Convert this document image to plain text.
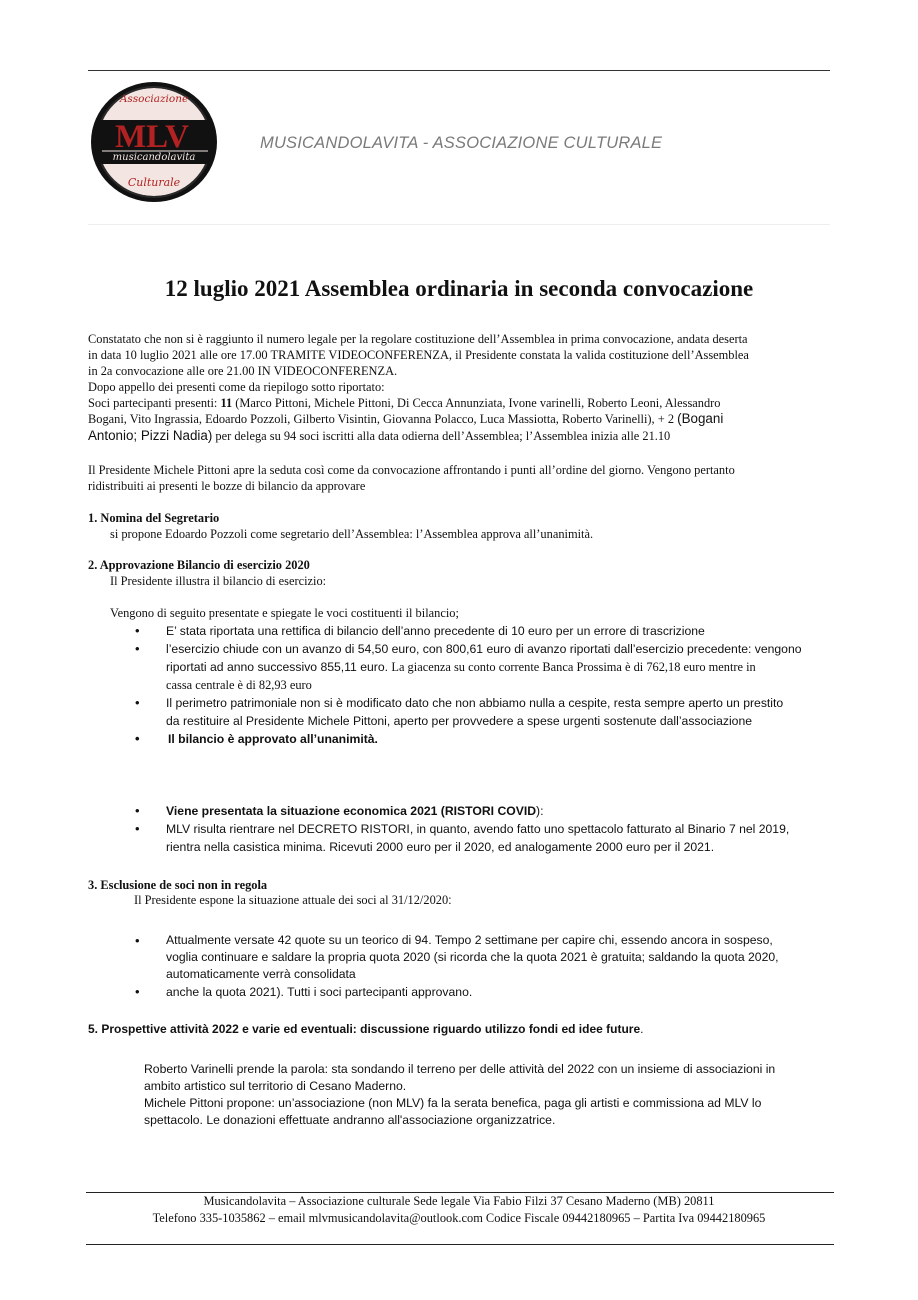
Associazione
MLV
musicandolavita
Culturale
MUSICANDOLAVITA - ASSOCIAZIONE CULTURALE
12 luglio 2021 Assemblea ordinaria in seconda convocazione
Constatato che non si è raggiunto il numero legale per la regolare costituzione dell’Assemblea in prima convocazione, andata deserta
in data 10 luglio 2021 alle ore 17.00 TRAMITE VIDEOCONFERENZA, il Presidente constata la valida costituzione dell’Assemblea
in 2a convocazione alle ore 21.00 IN VIDEOCONFERENZA.
Dopo appello dei presenti come da riepilogo sotto riportato:
Soci partecipanti presenti: 11 (Marco Pittoni, Michele Pittoni, Di Cecca Annunziata, Ivone varinelli, Roberto Leoni, Alessandro
Bogani, Vito Ingrassia, Edoardo Pozzoli, Gilberto Visintin, Giovanna Polacco, Luca Massiotta, Roberto Varinelli), + 2 (Bogani
Antonio; Pizzi Nadia) per delega su 94 soci iscritti alla data odierna dell’Assemblea; l’Assemblea inizia alle 21.10
Il Presidente Michele Pittoni apre la seduta così come da convocazione affrontando i punti all’ordine del giorno. Vengono pertanto
ridistribuiti ai presenti le bozze di bilancio da approvare
1. Nomina del Segretario
si propone Edoardo Pozzoli come segretario dell’Assemblea: l’Assemblea approva all’unanimità.
2. Approvazione Bilancio di esercizio 2020
Il Presidente illustra il bilancio di esercizio:
Vengono di seguito presentate e spiegate le voci costituenti il bilancio;
• E’ stata riportata una rettifica di bilancio dell’anno precedente di 10 euro per un errore di trascrizione
• l’esercizio chiude con un avanzo di 54,50 euro, con 800,61 euro di avanzo riportati dall’esercizio precedente: vengono
riportati ad anno successivo 855,11 euro. La giacenza su conto corrente Banca Prossima è di 762,18 euro mentre in
cassa centrale è di 82,93 euro
• Il perimetro patrimoniale non si è modificato dato che non abbiamo nulla a cespite, resta sempre aperto un prestito
da restituire al Presidente Michele Pittoni, aperto per provvedere a spese urgenti sostenute dall’associazione
• Il bilancio è approvato all’unanimità.
• Viene presentata la situazione economica 2021 (RISTORI COVID):
• MLV risulta rientrare nel DECRETO RISTORI, in quanto, avendo fatto uno spettacolo fatturato al Binario 7 nel 2019,
rientra nella casistica minima. Ricevuti 2000 euro per il 2020, ed analogamente 2000 euro per il 2021.
3. Esclusione de soci non in regola
Il Presidente espone la situazione attuale dei soci al 31/12/2020:
• Attualmente versate 42 quote su un teorico di 94. Tempo 2 settimane per capire chi, essendo ancora in sospeso,
voglia continuare e saldare la propria quota 2020 (si ricorda che la quota 2021 è gratuita; saldando la quota 2020,
automaticamente verrà consolidata
• anche la quota 2021). Tutti i soci partecipanti approvano.
5. Prospettive attività 2022 e varie ed eventuali: discussione riguardo utilizzo fondi ed idee future.
Roberto Varinelli prende la parola: sta sondando il terreno per delle attività del 2022 con un insieme di associazioni in
ambito artistico sul territorio di Cesano Maderno.
Michele Pittoni propone: un’associazione (non MLV) fa la serata benefica, paga gli artisti e commissiona ad MLV lo
spettacolo. Le donazioni effettuate andranno all'associazione organizzatrice.
Musicandolavita – Associazione culturale Sede legale Via Fabio Filzi 37 Cesano Maderno (MB) 20811
Telefono 335-1035862 – email mlvmusicandolavita@outlook.com Codice Fiscale 09442180965 – Partita Iva 09442180965
